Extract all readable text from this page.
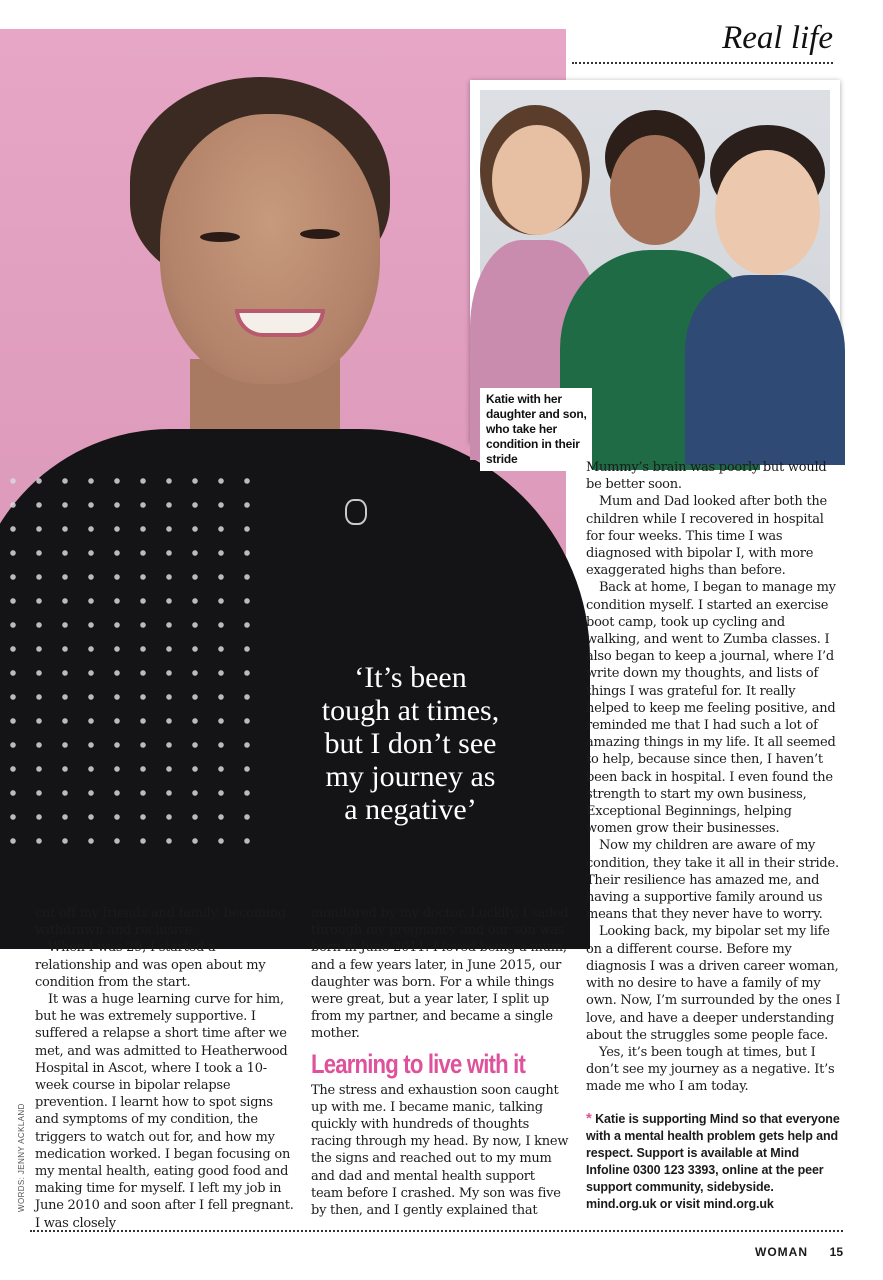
Real life
‘It’s been tough at times, but I don’t see my journey as a negative’
Katie with her daughter and son, who take her condition in their stride

cut off my friends and family, becoming withdrawn and reclusive.

When I was 29, I started a relationship and was open about my condition from the start.

It was a huge learning curve for him, but he was extremely supportive. I suffered a relapse a short time after we met, and was admitted to Heatherwood Hospital in Ascot, where I took a 10-week course in bipolar relapse prevention. I learnt how to spot signs and symptoms of my condition, the triggers to watch out for, and how my medication worked. I began focusing on my mental health, eating good food and making time for myself. I left my job in June 2010 and soon after I fell pregnant. I was closely

monitored by my doctor. Luckily, I sailed through my pregnancy and our son was born in June 2011. I loved being a mum, and a few years later, in June 2015, our daughter was born. For a while things were great, but a year later, I split up from my partner, and became a single mother.

Learning to live with it

The stress and exhaustion soon caught up with me. I became manic, talking quickly with hundreds of thoughts racing through my head. By now, I knew the signs and reached out to my mum and dad and mental health support team before I crashed. My son was five by then, and I gently explained that

Mummy’s brain was poorly but would be better soon.

Mum and Dad looked after both the children while I recovered in hospital for four weeks. This time I was diagnosed with bipolar I, with more exaggerated highs than before.

Back at home, I began to manage my condition myself. I started an exercise boot camp, took up cycling and walking, and went to Zumba classes. I also began to keep a journal, where I’d write down my thoughts, and lists of things I was grateful for. It really helped to keep me feeling positive, and reminded me that I had such a lot of amazing things in my life. It all seemed to help, because since then, I haven’t been back in hospital. I even found the strength to start my own business, Exceptional Beginnings, helping women grow their businesses.

Now my children are aware of my condition, they take it all in their stride. Their resilience has amazed me, and having a supportive family around us means that they never have to worry.

Looking back, my bipolar set my life on a different course. Before my diagnosis I was a driven career woman, with no desire to have a family of my own. Now, I’m surrounded by the ones I love, and have a deeper understanding about the struggles some people face.

Yes, it’s been tough at times, but I don’t see my journey as a negative. It’s made me who I am today.

* Katie is supporting Mind so that everyone with a mental health problem gets help and respect. Support is available at Mind Infoline 0300 123 3393, online at the peer support community, sidebyside. mind.org.uk or visit mind.org.uk
WORDS: JENNY ACKLAND
WOMAN 15
